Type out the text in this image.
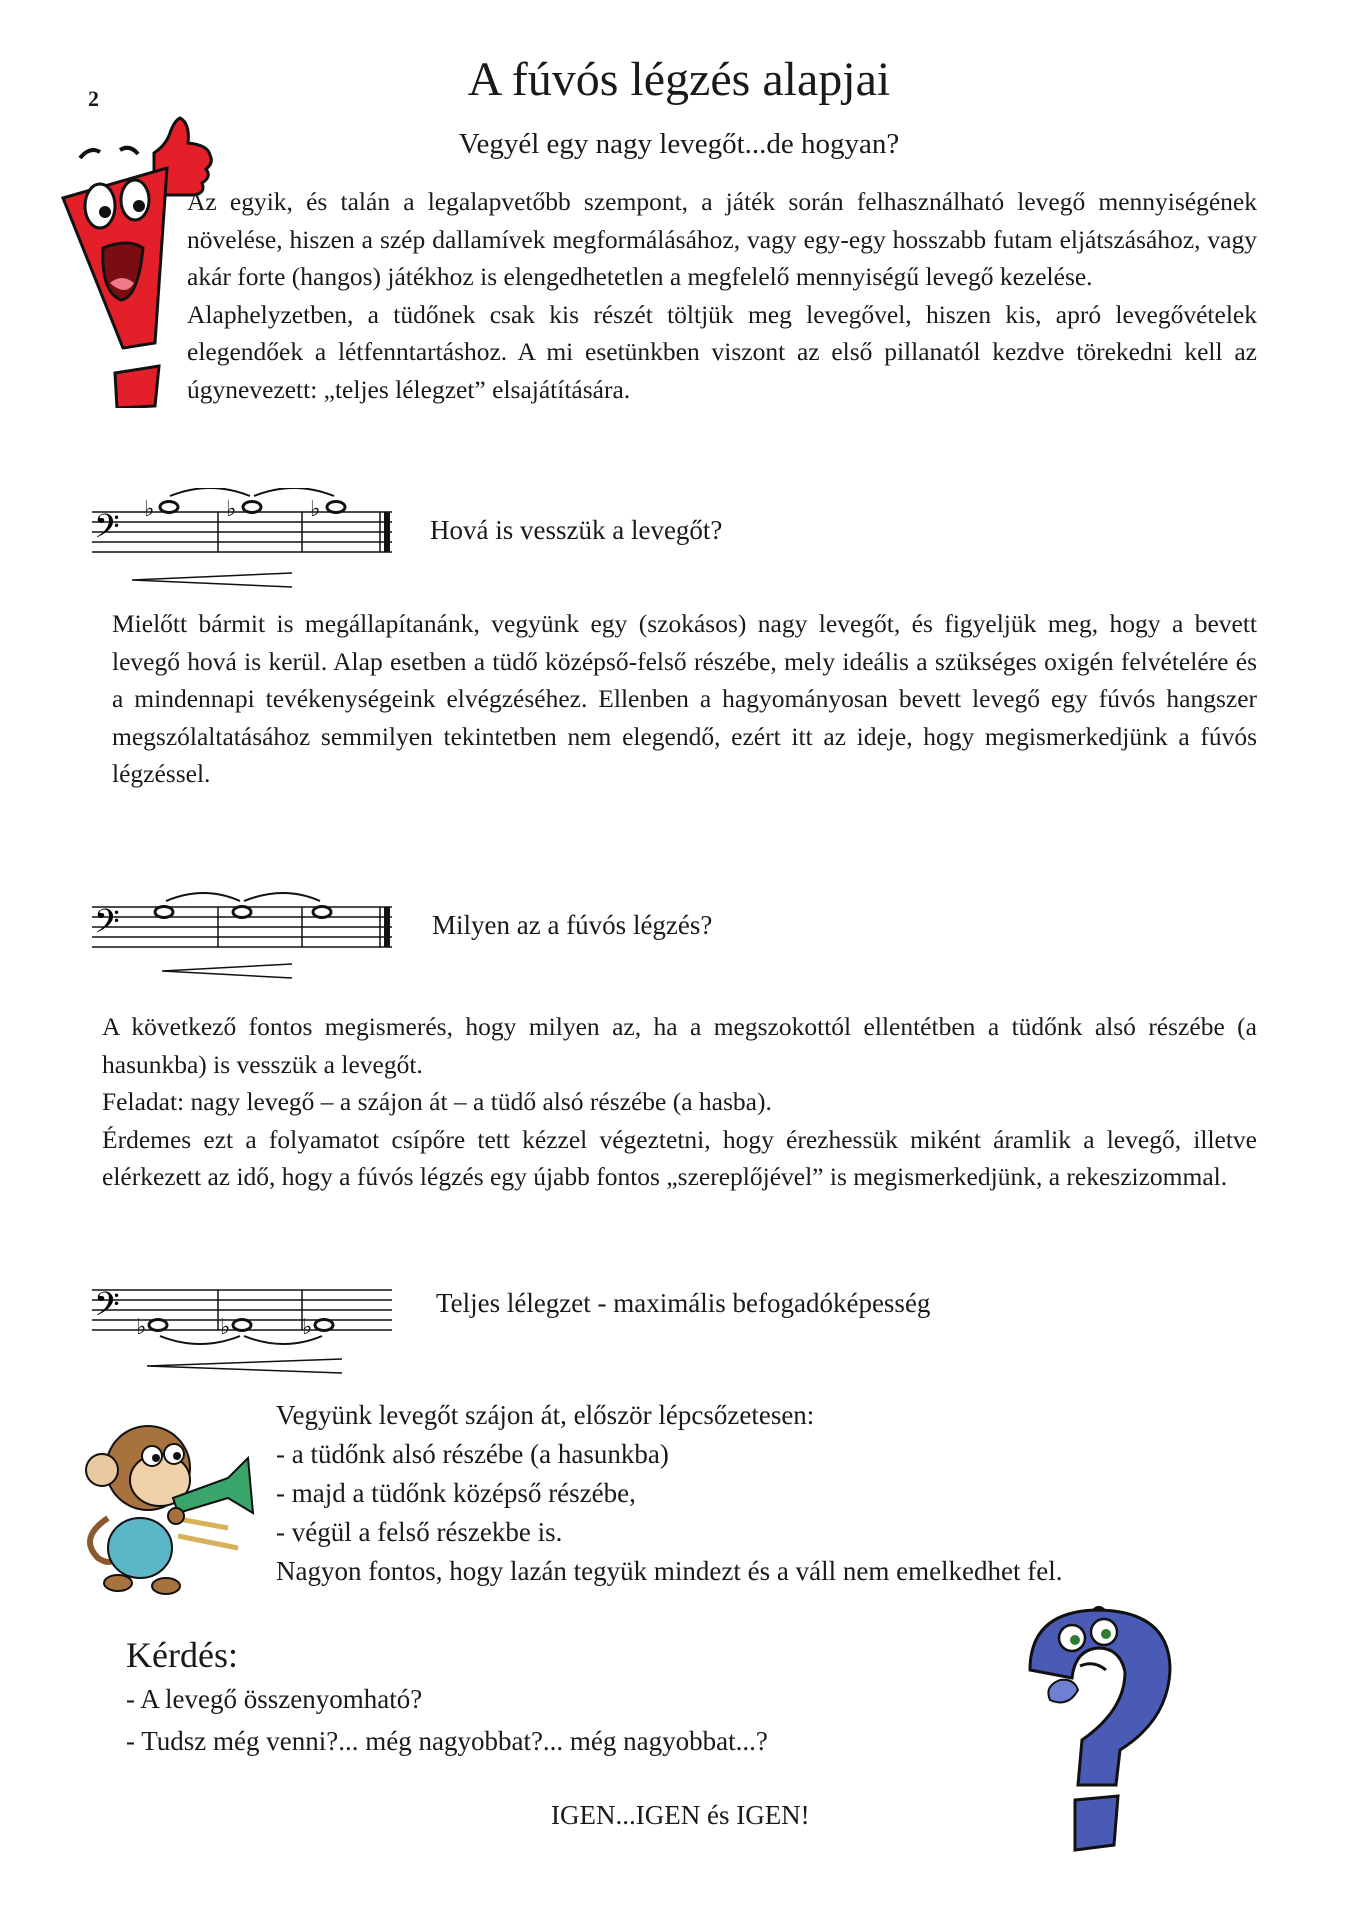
2	A fúvós légzés alapjai
Vegyél egy nagy levegőt...de hogyan?

Az egyik, és talán a legalapvetőbb szempont, a játék során felhasználható levegő mennyiségének növelése, hiszen a szép dallamívek megformálásához, vagy egy-egy hosszabb futam eljátszásához, vagy akár forte (hangos) játékhoz is elengedhetetlen a megfelelő mennyiségű levegő kezelése.

Alaphelyzetben, a tüdőnek csak kis részét töltjük meg levegővel, hiszen kis, apró levegővételek elegendőek a létfenntartáshoz. A mi esetünkben viszont az első pillanatól kezdve törekedni kell az úgynevezett: „teljes lélegzet” elsajátítására.

𝄢 ♭	♭	♭
Hová is vesszük a levegőt?

Mielőtt bármit is megállapítanánk, vegyünk egy (szokásos) nagy levegőt, és figyeljük meg, hogy a bevett levegő hová is kerül. Alap esetben a tüdő középső-felső részébe, mely ideális a szükséges oxigén felvételére és a mindennapi tevékenységeink elvégzéséhez. Ellenben a hagyományosan bevett levegő egy fúvós hangszer megszólaltatásához semmilyen tekintetben nem elegendő, ezért itt az ideje, hogy megismerkedjünk a fúvós légzéssel.

𝄢	Milyen az a fúvós légzés?

A következő fontos megismerés, hogy milyen az, ha a megszokottól ellentétben a tüdőnk alsó részébe (a hasunkba) is vesszük a levegőt.

Feladat: nagy levegő – a szájon át – a tüdő alsó részébe (a hasba).

Érdemes ezt a folyamatot csípőre tett kézzel végeztetni, hogy érezhessük miként áramlik a levegő, illetve elérkezett az idő, hogy a fúvós légzés egy újabb fontos „szereplőjével” is megismerkedjünk, a rekeszizommal.

𝄢 ♭	♭	♭
Teljes lélegzet - maximális befogadóképesség

Vegyünk levegőt szájon át, először lépcsőzetesen:

- a tüdőnk alsó részébe (a hasunkba)

- majd a tüdőnk középső részébe,

- végül a felső részekbe is.

Nagyon fontos, hogy lazán tegyük mindezt és a váll nem emelkedhet fel.

Kérdés:

- A levegő összenyomható?

- Tudsz még venni?... még nagyobbat?... még nagyobbat...?

IGEN...IGEN és IGEN!
